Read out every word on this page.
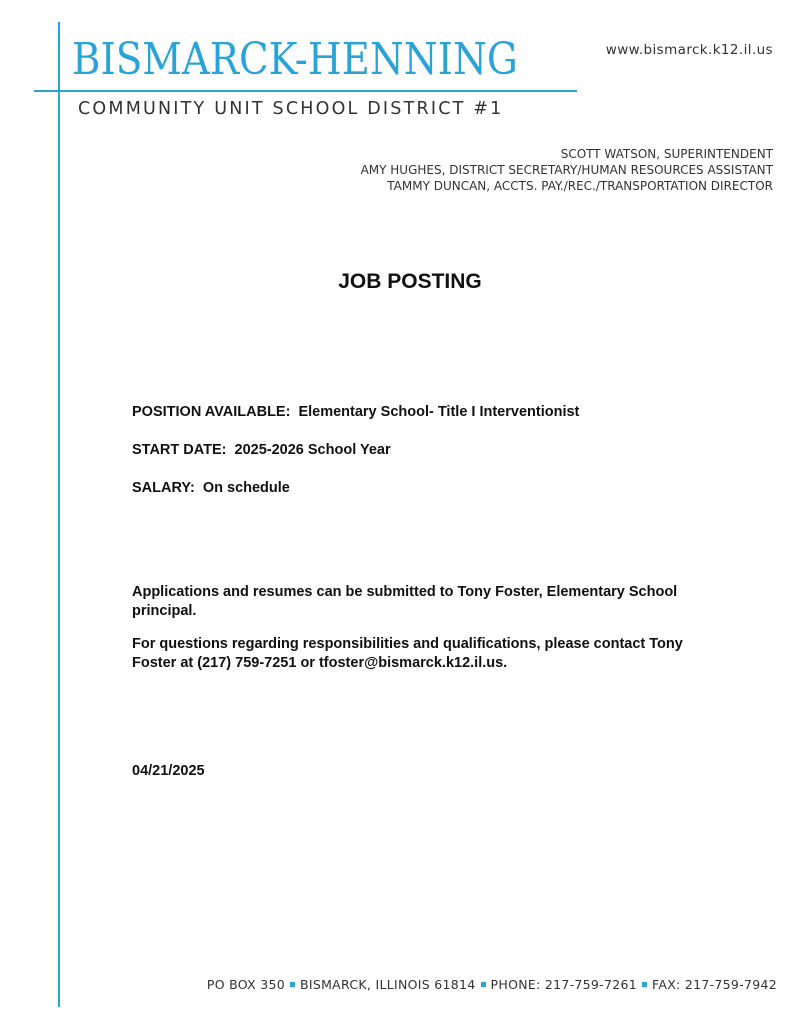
BISMARCK-HENNING
COMMUNITY UNIT SCHOOL DISTRICT #1
www.bismarck.k12.il.us
SCOTT WATSON, SUPERINTENDENT
AMY HUGHES, DISTRICT SECRETARY/HUMAN RESOURCES ASSISTANT
TAMMY DUNCAN, ACCTS. PAY./REC./TRANSPORTATION DIRECTOR
JOB POSTING
POSITION AVAILABLE: Elementary School- Title I Interventionist
START DATE: 2025-2026 School Year
SALARY: On schedule
Applications and resumes can be submitted to Tony Foster, Elementary School principal.
For questions regarding responsibilities and qualifications, please contact Tony Foster at (217) 759-7251 or tfoster@bismarck.k12.il.us.
04/21/2025
PO BOX 350 BISMARCK, ILLINOIS 61814 PHONE: 217-759-7261 FAX: 217-759-7942
